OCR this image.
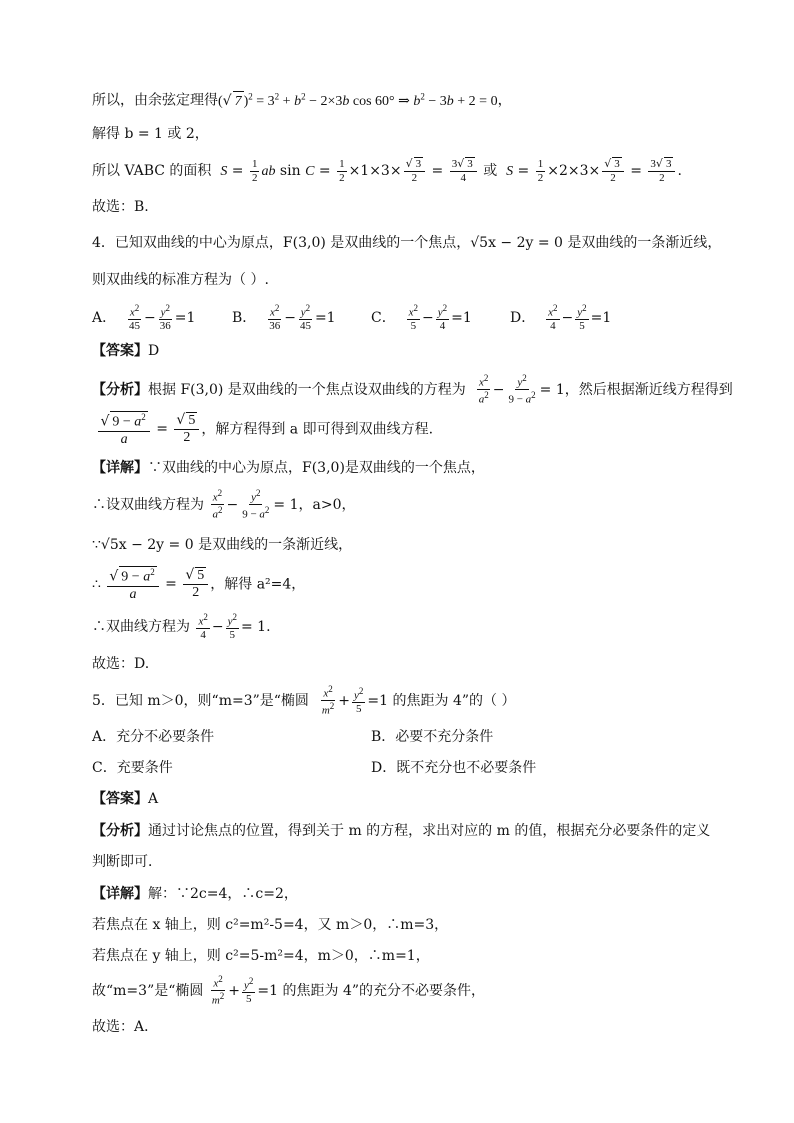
所以，由余弦定理得(√ 7 )$^2 = 3^2 + b^2 - 2\times 3b$ cos 60° ⇒ $b^2 - 3b + 2 = 0$，
解得 b = 1 或 2，
所以 VABC 的面积 $S = \frac{1}{2}$ ab $\sin C = \frac{1}{2} \times 1\times 3\times \frac{√ 3}{2} = \frac{3√ 3}{4}$ 或 $S = \frac{1}{2} \times 2\times 3\times \frac{√ 3}{2} = \frac{3√ 3}{2}$ .
故选：B.
4．已知双曲线的中心为原点，F(3,0) 是双曲线的一个焦点，√5x − 2y = 0 是双曲线的一条渐近线，
则双曲线的标准方程为（ ）.
A． $\frac{x^2}{45} - \frac{y^2}{36} =1$	B． $\frac{x^2}{36} - \frac{y^2}{45} =1$	C． $\frac{x^2}{5} - \frac{y^2}{4} =1$	D． $\frac{x^2}{4} - \frac{y^2}{5} =1$
【答案】D
【分析】根据 F(3,0) 是双曲线的一个焦点设双曲线的方程为 $\frac{x^2}{a^2} - \frac{y^2}{9 - a^2} = 1$，然后根据渐近线方程得到

$\frac{√ 9 - a^2}{a} = \frac{√ 5}{2}$ ，解方程得到 a 即可得到双曲线方程.
【详解】∵双曲线的中心为原点，F(3,0)是双曲线的一个焦点，
∴设双曲线方程为 $\frac{x^2}{a^2} - \frac{y^2}{9 - a^2} = 1$，a>0，
∵√5x − 2y = 0 是双曲线的一条渐近线，
∴ $\frac{√ 9 - a^2}{a} = \frac{√ 5}{2}$ ，解得 a²=4，
∴双曲线方程为 $\frac{x^2}{4} - \frac{y^2}{5} = 1$.
故选：D.
5．已知 m＞0，则“m=3”是“椭圆 $\frac{x^2}{m^2} + \frac{y^2}{5} =1$ 的焦距为 4”的（ ）
A．充分不必要条件	B．必要不充分条件
C．充要条件	D．既不充分也不必要条件
【答案】A
【分析】通过讨论焦点的位置，得到关于 m 的方程，求出对应的 m 的值，根据充分必要条件的定义
判断即可．
【详解】解：∵2c=4，∴c=2，
若焦点在 x 轴上，则 c²=m²-5=4，又 m＞0，∴m=3，
若焦点在 y 轴上，则 c²=5-m²=4，m＞0，∴m=1，
故“m=3”是“椭圆 $\frac{x^2}{m^2} + \frac{y^2}{5} =1$ 的焦距为 4”的充分不必要条件，
故选：A．
